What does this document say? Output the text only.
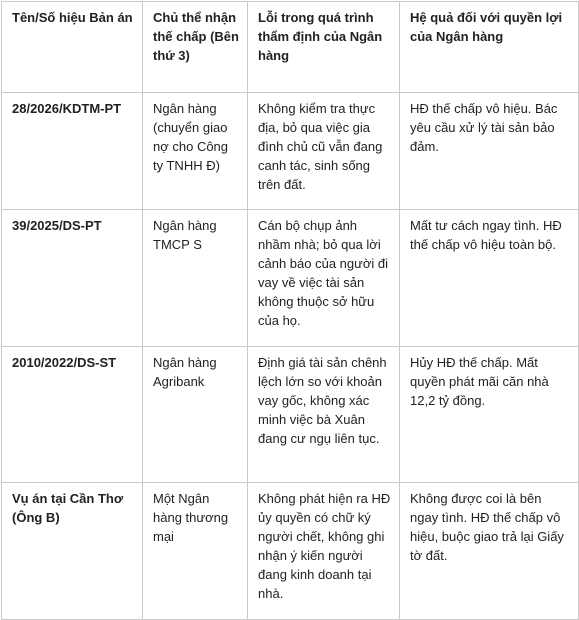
Tên/Số hiệu Bản án	Chủ thể nhận thế chấp (Bên thứ 3)	Lỗi trong quá trình thẩm định của Ngân hàng	Hệ quả đối với quyền lợi của Ngân hàng
28/2026/KDTM-PT	Ngân hàng (chuyển giao nợ cho Công ty TNHH Đ)	Không kiểm tra thực địa, bỏ qua việc gia đình chủ cũ vẫn đang canh tác, sinh sống trên đất.	HĐ thế chấp vô hiệu. Bác yêu cầu xử lý tài sản bảo đảm.
39/2025/DS-PT	Ngân hàng TMCP S	Cán bộ chụp ảnh nhầm nhà; bỏ qua lời cảnh báo của người đi vay về việc tài sản không thuộc sở hữu của họ.	Mất tư cách ngay tình. HĐ thế chấp vô hiệu toàn bộ.
2010/2022/DS-ST	Ngân hàng Agribank	Định giá tài sản chênh lệch lớn so với khoản vay gốc, không xác minh việc bà Xuân đang cư ngụ liên tục.	Hủy HĐ thế chấp. Mất quyền phát mãi căn nhà 12,2 tỷ đồng.
Vụ án tại Cần Thơ (Ông B)	Một Ngân hàng thương mại	Không phát hiện ra HĐ ủy quyền có chữ ký người chết, không ghi nhận ý kiến người đang kinh doanh tại nhà.	Không được coi là bên ngay tình. HĐ thế chấp vô hiệu, buộc giao trả lại Giấy tờ đất.
